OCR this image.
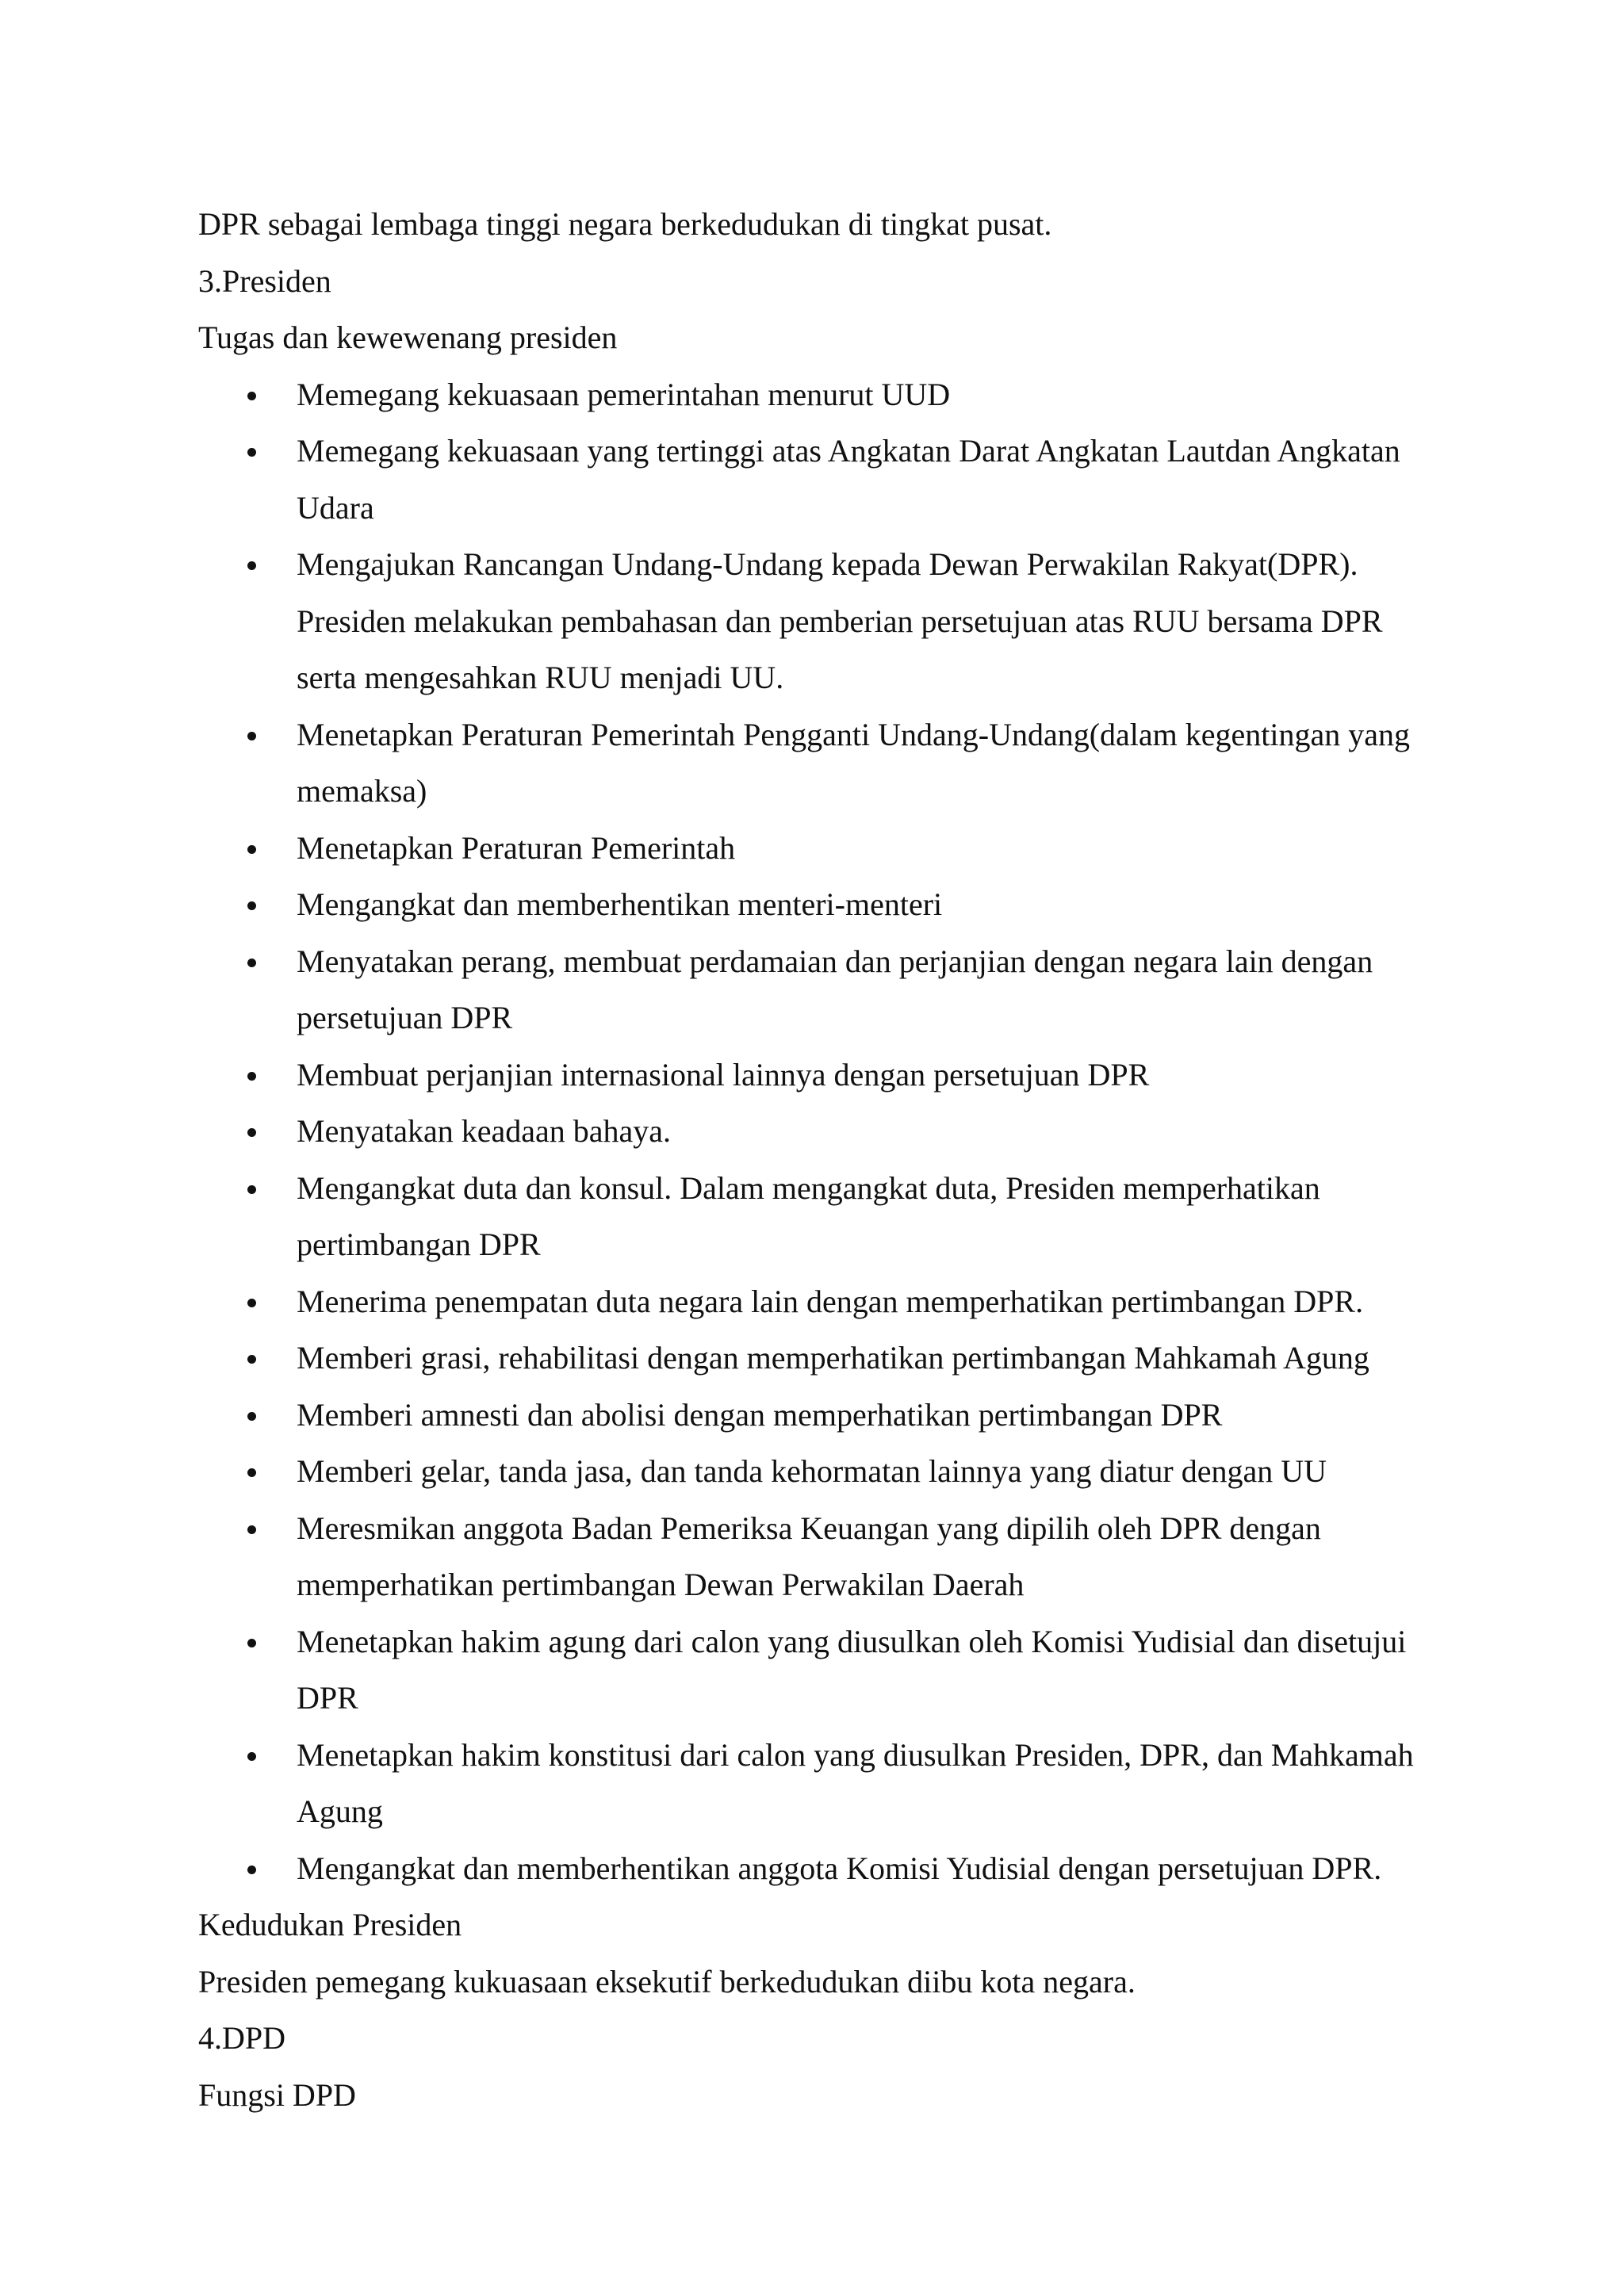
DPR sebagai lembaga tinggi negara berkedudukan di tingkat pusat.

3.Presiden

Tugas dan kewewenang presiden

Memegang kekuasaan pemerintahan menurut UUD
Memegang kekuasaan yang tertinggi atas Angkatan Darat Angkatan Lautdan Angkatan Udara
Mengajukan Rancangan Undang-Undang kepada Dewan Perwakilan Rakyat(DPR). Presiden melakukan pembahasan dan pemberian persetujuan atas RUU bersama DPR serta mengesahkan RUU menjadi UU.
Menetapkan Peraturan Pemerintah Pengganti Undang-Undang(dalam kegentingan yang memaksa)
Menetapkan Peraturan Pemerintah
Mengangkat dan memberhentikan menteri-menteri
Menyatakan perang, membuat perdamaian dan perjanjian dengan negara lain dengan persetujuan DPR
Membuat perjanjian internasional lainnya dengan persetujuan DPR
Menyatakan keadaan bahaya.
Mengangkat duta dan konsul. Dalam mengangkat duta, Presiden memperhatikan pertimbangan DPR
Menerima penempatan duta negara lain dengan memperhatikan pertimbangan DPR.
Memberi grasi, rehabilitasi dengan memperhatikan pertimbangan Mahkamah Agung
Memberi amnesti dan abolisi dengan memperhatikan pertimbangan DPR
Memberi gelar, tanda jasa, dan tanda kehormatan lainnya yang diatur dengan UU
Meresmikan anggota Badan Pemeriksa Keuangan yang dipilih oleh DPR dengan memperhatikan pertimbangan Dewan Perwakilan Daerah
Menetapkan hakim agung dari calon yang diusulkan oleh Komisi Yudisial dan disetujui DPR
Menetapkan hakim konstitusi dari calon yang diusulkan Presiden, DPR, dan Mahkamah Agung
Mengangkat dan memberhentikan anggota Komisi Yudisial dengan persetujuan DPR.

Kedudukan Presiden

Presiden pemegang kukuasaan eksekutif berkedudukan diibu kota negara.

4.DPD

Fungsi DPD
